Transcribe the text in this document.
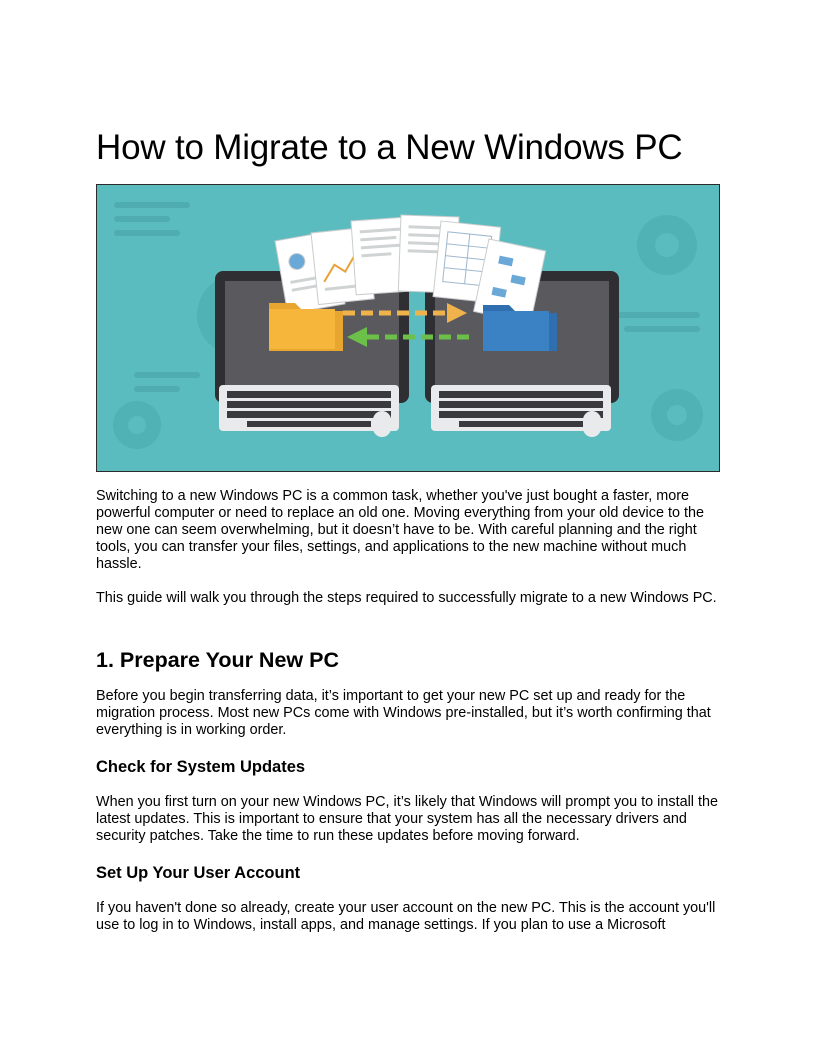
How to Migrate to a New Windows PC

Switching to a new Windows PC is a common task, whether you've just bought a faster, more powerful computer or need to replace an old one. Moving everything from your old device to the new one can seem overwhelming, but it doesn’t have to be. With careful planning and the right tools, you can transfer your files, settings, and applications to the new machine without much hassle.

This guide will walk you through the steps required to successfully migrate to a new Windows PC.

1. Prepare Your New PC

Before you begin transferring data, it’s important to get your new PC set up and ready for the migration process. Most new PCs come with Windows pre-installed, but it’s worth confirming that everything is in working order.

Check for System Updates

When you first turn on your new Windows PC, it’s likely that Windows will prompt you to install the latest updates. This is important to ensure that your system has all the necessary drivers and security patches. Take the time to run these updates before moving forward.

Set Up Your User Account

If you haven't done so already, create your user account on the new PC. This is the account you'll use to log in to Windows, install apps, and manage settings. If you plan to use a Microsoft
